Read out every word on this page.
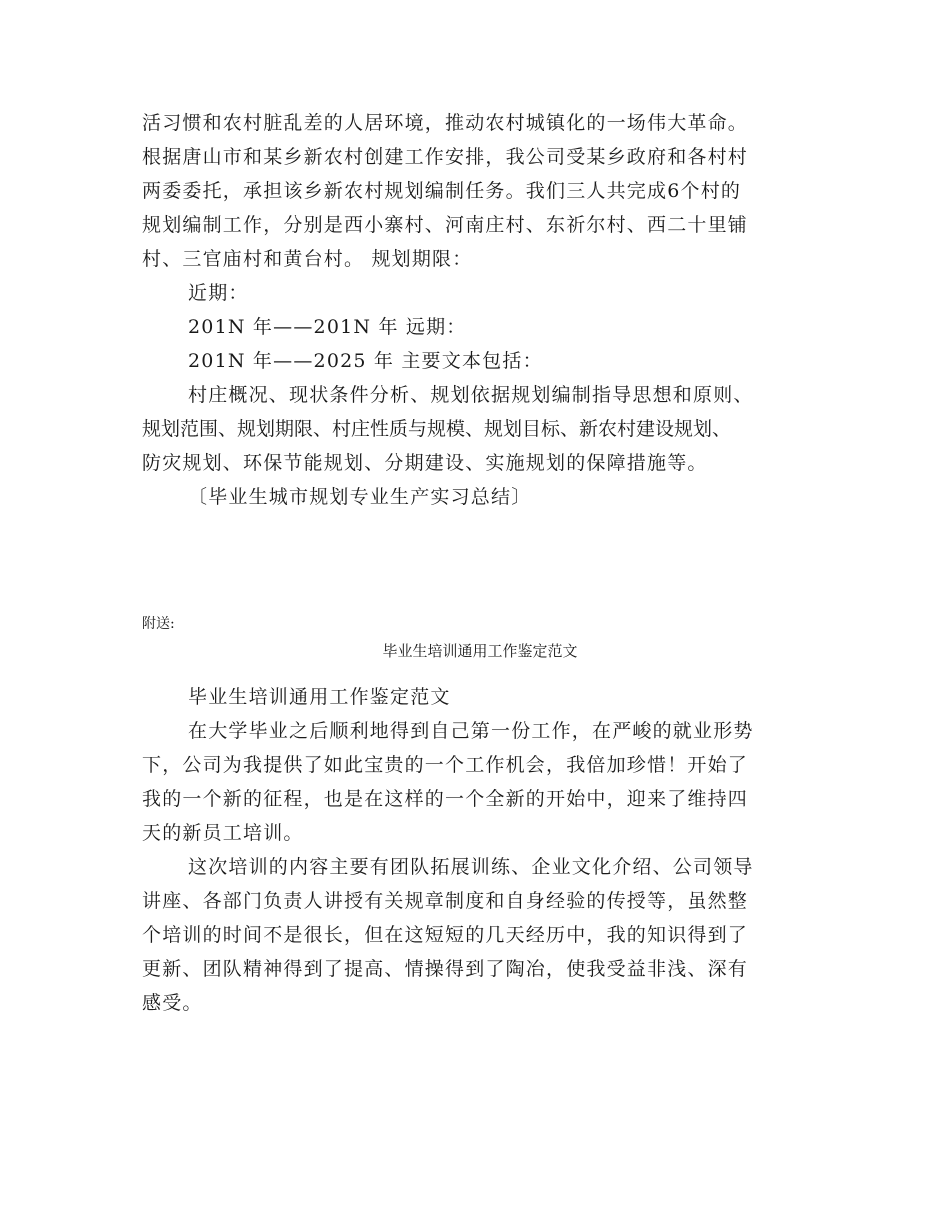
活习惯和农村脏乱差的人居环境，推动农村城镇化的一场伟大革命。
根据唐山市和某乡新农村创建工作安排，我公司受某乡政府和各村村
两委委托，承担该乡新农村规划编制任务。我们三人共完成6个村的
规划编制工作，分别是西小寨村、河南庄村、东祈尔村、西二十里铺
村、三官庙村和黄台村。 规划期限：
近期：
201N 年——201N 年 远期：
201N 年——2025 年 主要文本包括：
村庄概况、现状条件分析、规划依据规划编制指导思想和原则、
规划范围、规划期限、村庄性质与规模、规划目标、新农村建设规划、
防灾规划、环保节能规划、分期建设、实施规划的保障措施等。
〔毕业生城市规划专业生产实习总结〕
附送:
毕业生培训通用工作鉴定范文
毕业生培训通用工作鉴定范文
在大学毕业之后顺利地得到自己第一份工作，在严峻的就业形势
下，公司为我提供了如此宝贵的一个工作机会，我倍加珍惜！开始了
我的一个新的征程，也是在这样的一个全新的开始中，迎来了维持四
天的新员工培训。
这次培训的内容主要有团队拓展训练、企业文化介绍、公司领导
讲座、各部门负责人讲授有关规章制度和自身经验的传授等，虽然整
个培训的时间不是很长，但在这短短的几天经历中，我的知识得到了
更新、团队精神得到了提高、情操得到了陶冶，使我受益非浅、深有
感受。
